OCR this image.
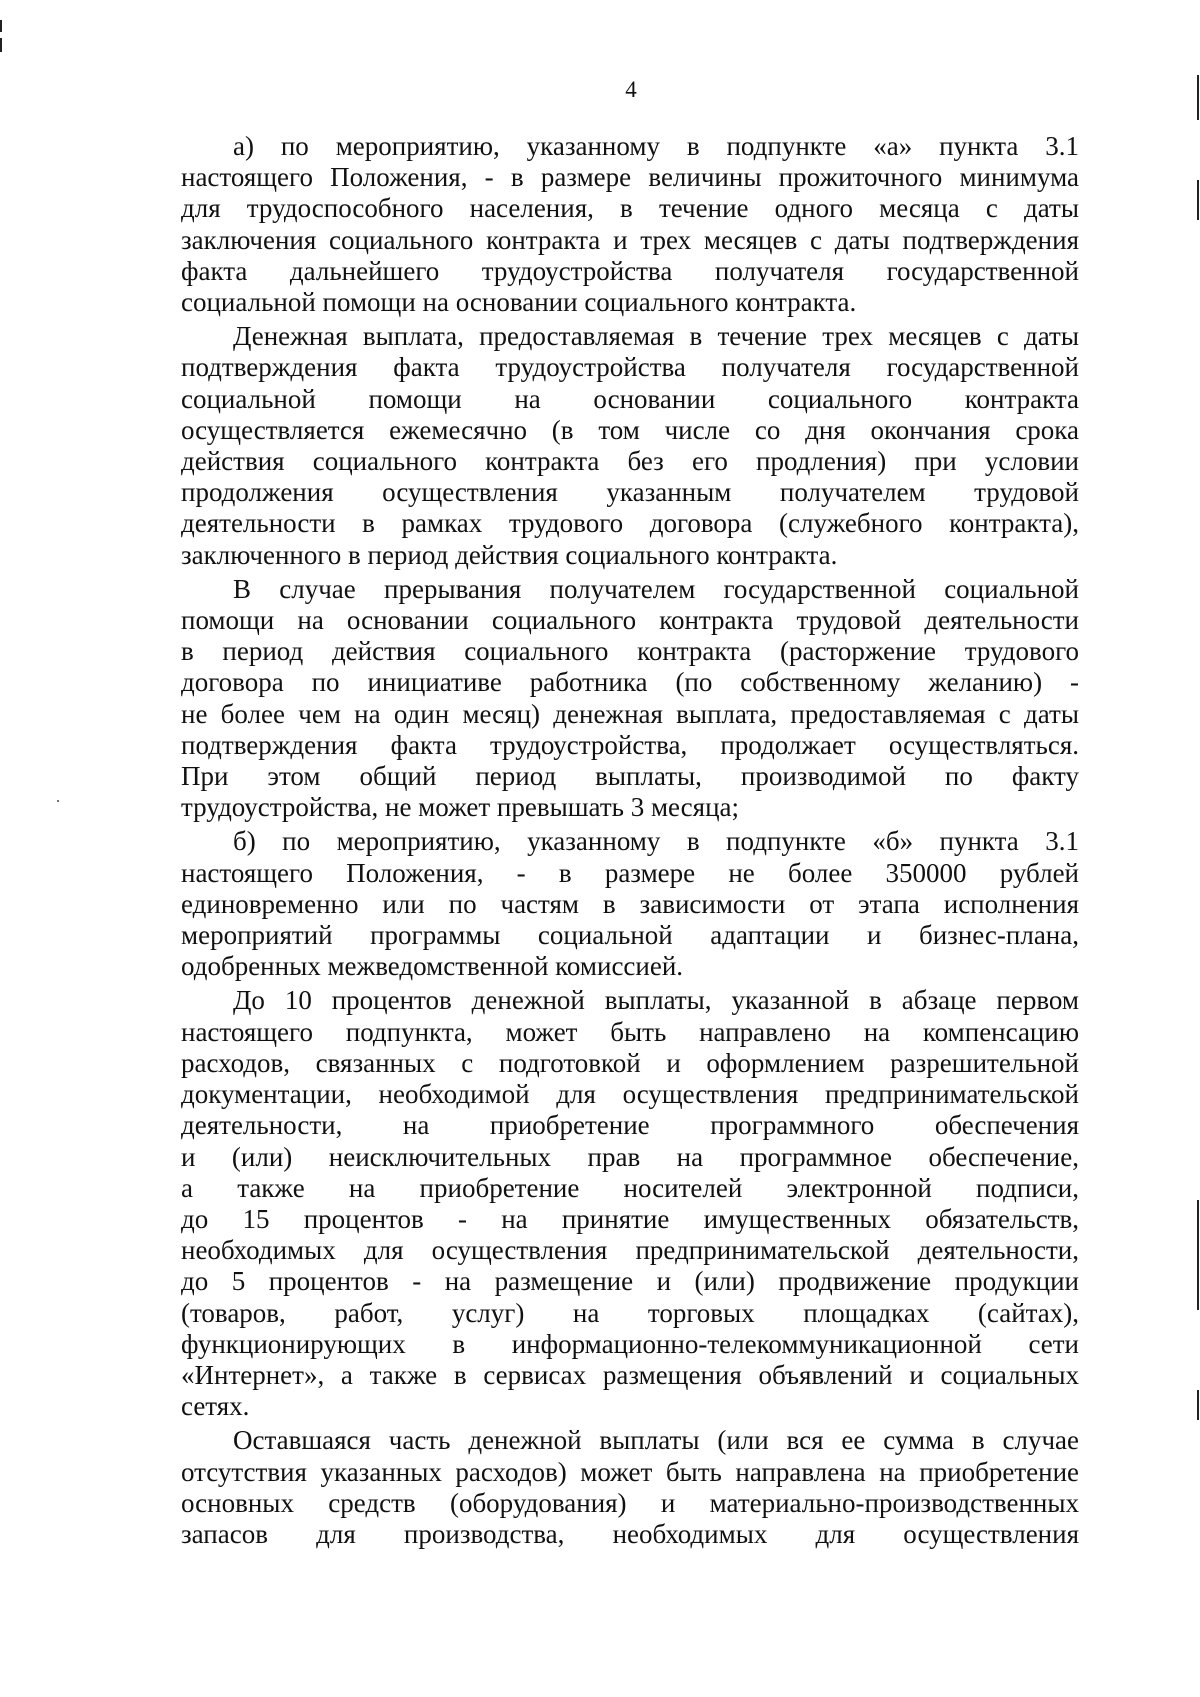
4
а) по мероприятию, указанному в подпункте «а» пункта 3.1
настоящего Положения, - в размере величины прожиточного минимума
для трудоспособного населения, в течение одного месяца с даты
заключения социального контракта и трех месяцев с даты подтверждения
факта дальнейшего трудоустройства получателя государственной
социальной помощи на основании социального контракта.
Денежная выплата, предоставляемая в течение трех месяцев с даты
подтверждения факта трудоустройства получателя государственной
социальной помощи на основании социального контракта
осуществляется ежемесячно (в том числе со дня окончания срока
действия социального контракта без его продления) при условии
продолжения осуществления указанным получателем трудовой
деятельности в рамках трудового договора (служебного контракта),
заключенного в период действия социального контракта.
В случае прерывания получателем государственной социальной
помощи на основании социального контракта трудовой деятельности
в период действия социального контракта (расторжение трудового
договора по инициативе работника (по собственному желанию) -
не более чем на один месяц) денежная выплата, предоставляемая с даты
подтверждения факта трудоустройства, продолжает осуществляться.
При этом общий период выплаты, производимой по факту
трудоустройства, не может превышать 3 месяца;
б) по мероприятию, указанному в подпункте «б» пункта 3.1
настоящего Положения, - в размере не более 350000 рублей
единовременно или по частям в зависимости от этапа исполнения
мероприятий программы социальной адаптации и бизнес-плана,
одобренных межведомственной комиссией.
До 10 процентов денежной выплаты, указанной в абзаце первом
настоящего подпункта, может быть направлено на компенсацию
расходов, связанных с подготовкой и оформлением разрешительной
документации, необходимой для осуществления предпринимательской
деятельности, на приобретение программного обеспечения
и (или) неисключительных прав на программное обеспечение,
а также на приобретение носителей электронной подписи,
до 15 процентов - на принятие имущественных обязательств,
необходимых для осуществления предпринимательской деятельности,
до 5 процентов - на размещение и (или) продвижение продукции
(товаров, работ, услуг) на торговых площадках (сайтах),
функционирующих в информационно-телекоммуникационной сети
«Интернет», а также в сервисах размещения объявлений и социальных
сетях.
Оставшаяся часть денежной выплаты (или вся ее сумма в случае
отсутствия указанных расходов) может быть направлена на приобретение
основных средств (оборудования) и материально-производственных
запасов для производства, необходимых для осуществления
